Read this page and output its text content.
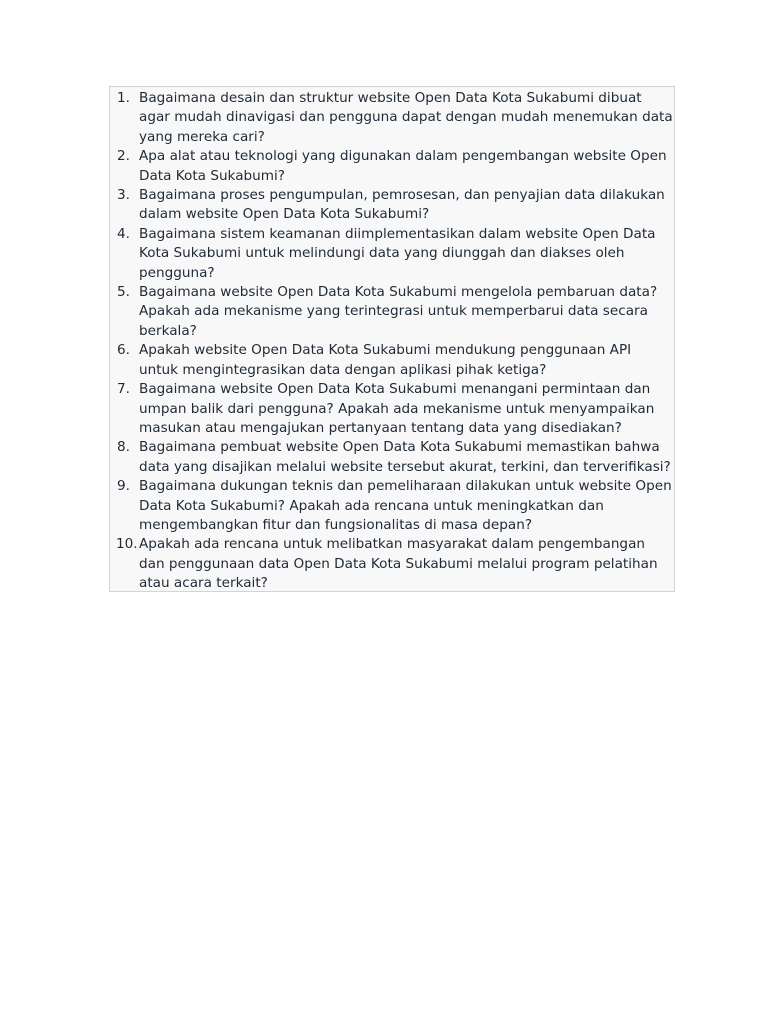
1. Bagaimana desain dan struktur website Open Data Kota Sukabumi dibuat agar mudah dinavigasi dan pengguna dapat dengan mudah menemukan data yang mereka cari?
2. Apa alat atau teknologi yang digunakan dalam pengembangan website Open Data Kota Sukabumi?
3. Bagaimana proses pengumpulan, pemrosesan, dan penyajian data dilakukan dalam website Open Data Kota Sukabumi?
4. Bagaimana sistem keamanan diimplementasikan dalam website Open Data Kota Sukabumi untuk melindungi data yang diunggah dan diakses oleh pengguna?
5. Bagaimana website Open Data Kota Sukabumi mengelola pembaruan data? Apakah ada mekanisme yang terintegrasi untuk memperbarui data secara berkala?
6. Apakah website Open Data Kota Sukabumi mendukung penggunaan API untuk mengintegrasikan data dengan aplikasi pihak ketiga?
7. Bagaimana website Open Data Kota Sukabumi menangani permintaan dan umpan balik dari pengguna? Apakah ada mekanisme untuk menyampaikan masukan atau mengajukan pertanyaan tentang data yang disediakan?
8. Bagaimana pembuat website Open Data Kota Sukabumi memastikan bahwa data yang disajikan melalui website tersebut akurat, terkini, dan terverifikasi?
9. Bagaimana dukungan teknis dan pemeliharaan dilakukan untuk website Open Data Kota Sukabumi? Apakah ada rencana untuk meningkatkan dan mengembangkan fitur dan fungsionalitas di masa depan?
10. Apakah ada rencana untuk melibatkan masyarakat dalam pengembangan dan penggunaan data Open Data Kota Sukabumi melalui program pelatihan atau acara terkait?
